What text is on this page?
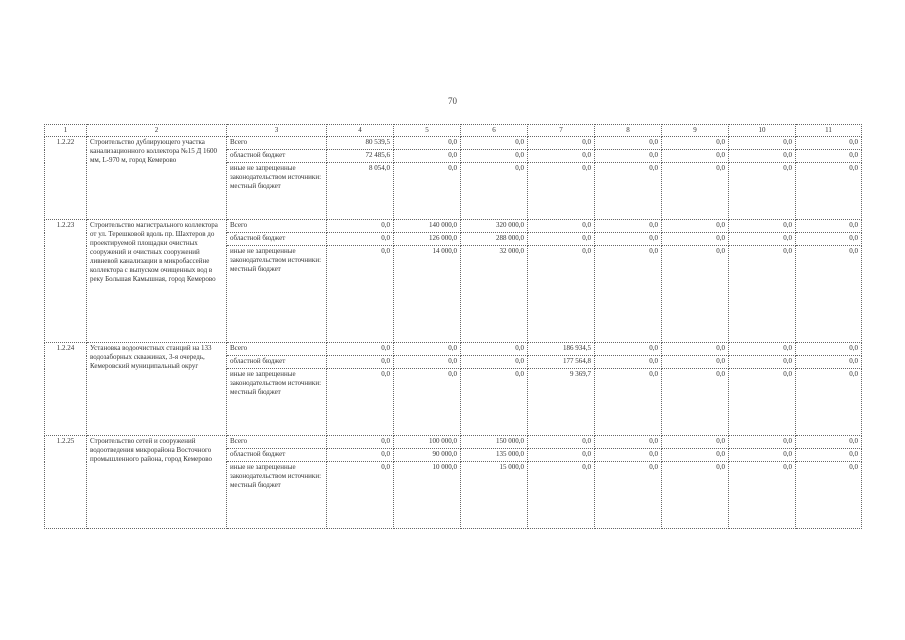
70
1	2	3	4	5	6	7	8	9	10	11
1.2.22	Строительство дублирующего участка канализационного коллектора №15 Д 1600 мм, L-970 м, город Кемерово	Всего	80 539,5	0,0	0,0	0,0	0,0	0,0	0,0	0,0
		областной бюджет	72 485,6	0,0	0,0	0,0	0,0	0,0	0,0	0,0
		иные не запрещенные законодательством источники: местный бюджет	8 054,0	0,0	0,0	0,0	0,0	0,0	0,0	0,0
1.2.23	Строительство магистрального коллектора от ул. Терешковой вдоль пр. Шахтеров до проектируемой площадки очистных сооружений и очистных сооружений ливневой канализации в микробассейне коллектора с выпуском очищенных вод в реку Большая Камышная, город Кемерово	Всего	0,0	140 000,0	320 000,0	0,0	0,0	0,0	0,0	0,0
		областной бюджет	0,0	126 000,0	288 000,0	0,0	0,0	0,0	0,0	0,0
		иные не запрещенные законодательством источники: местный бюджет	0,0	14 000,0	32 000,0	0,0	0,0	0,0	0,0	0,0
1.2.24	Установка водоочистных станций на 133 водозаборных скважинах, 3-я очередь, Кемеровский муниципальный округ	Всего	0,0	0,0	0,0	186 934,5	0,0	0,0	0,0	0,0
		областной бюджет	0,0	0,0	0,0	177 564,8	0,0	0,0	0,0	0,0
		иные не запрещенные законодательством источники: местный бюджет	0,0	0,0	0,0	9 369,7	0,0	0,0	0,0	0,0
1.2.25	Строительство сетей и сооружений водоотведения микрорайона Восточного промышленного района, город Кемерово	Всего	0,0	100 000,0	150 000,0	0,0	0,0	0,0	0,0	0,0
		областной бюджет	0,0	90 000,0	135 000,0	0,0	0,0	0,0	0,0	0,0
		иные не запрещенные законодательством источники: местный бюджет	0,0	10 000,0	15 000,0	0,0	0,0	0,0	0,0	0,0
